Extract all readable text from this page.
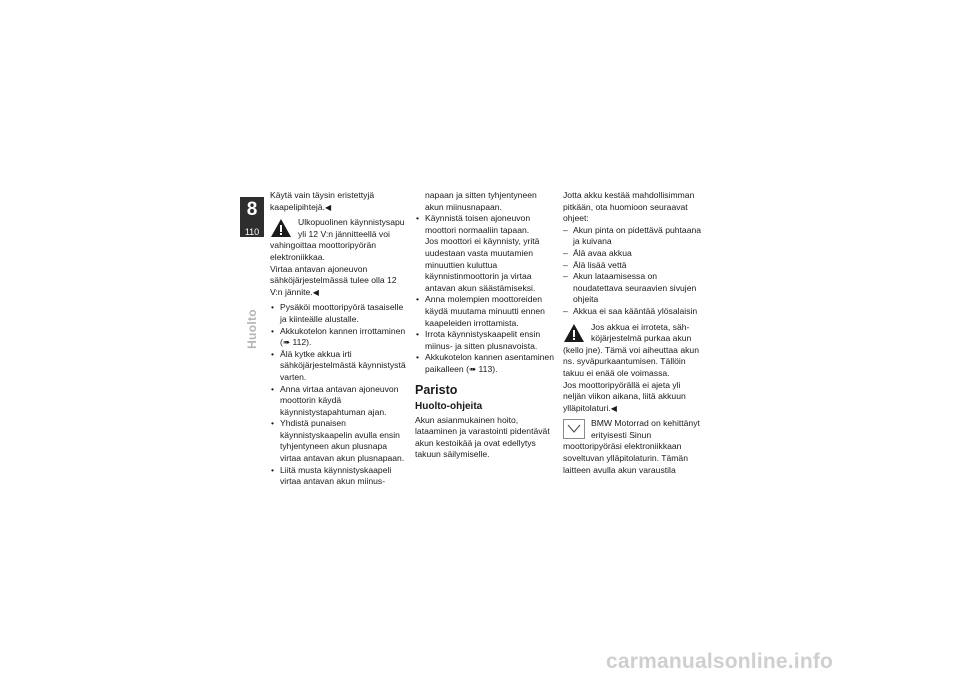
8
110
Huolto

Käytä vain täysin eristettyjä kaapelipihtejä.◀

Ulkopuolinen käynnistysapu yli 12 V:n jännitteellä voi vahingoittaa moottoripyörän elektroniikkaa.

Virtaa antavan ajoneuvon sähköjärjestelmässä tulee olla 12 V:n jännite.◀

• Pysäköi moottoripyörä tasaiselle ja kiinteälle alustalle.
• Akkukotelon kannen irrottaminen (➠ 112).
• Älä kytke akkua irti sähköjärjestelmästä käynnistystä varten.
• Anna virtaa antavan ajoneuvon moottorin käydä käynnistystapahtuman ajan.
• Yhdistä punaisen käynnistyskaapelin avulla ensin tyhjentyneen akun plusnapa virtaa antavan akun plusnapaan.
• Liitä musta käynnistyskaapeli virtaa antavan akun miinus-

napaan ja sitten tyhjentyneen akun miinusnapaan.

• Käynnistä toisen ajoneuvon moottori normaaliin tapaan.
Jos moottori ei käynnisty, yritä uudestaan vasta muutamien minuuttien kuluttua käynnistinmoottorin ja virtaa antavan akun säästämiseksi.
• Anna molempien moottoreiden käydä muutama minuutti ennen kaapeleiden irrottamista.
• Irrota käynnistyskaapelit ensin miinus- ja sitten plusnavoista.
• Akkukotelon kannen asentaminen paikalleen (➠ 113).
Paristo
Huolto-ohjeita

Akun asianmukainen hoito, lataaminen ja varastointi pidentävät akun kestoikää ja ovat edellytys takuun säilymiselle.

Jotta akku kestää mahdollisimman pitkään, ota huomioon seuraavat ohjeet:

– Akun pinta on pidettävä puhtaana ja kuivana
– Älä avaa akkua
– Älä lisää vettä
– Akun lataamisessa on noudatettava seuraavien sivujen ohjeita
– Akkua ei saa kääntää ylösalaisin

Jos akkua ei irroteta, säh-köjärjestelmä purkaa akun (kello jne). Tämä voi aiheuttaa akun ns. syväpurkaantumisen. Tällöin takuu ei enää ole voimassa.

Jos moottoripyörällä ei ajeta yli neljän viikon aikana, liitä akkuun ylläpitolaturi.◀

BMW Motorrad on kehittänyt erityisesti Sinun moottoripyöräsi elektroniikkaan soveltuvan ylläpitolaturin. Tämän laitteen avulla akun varaustila

carmanualsonline.info
